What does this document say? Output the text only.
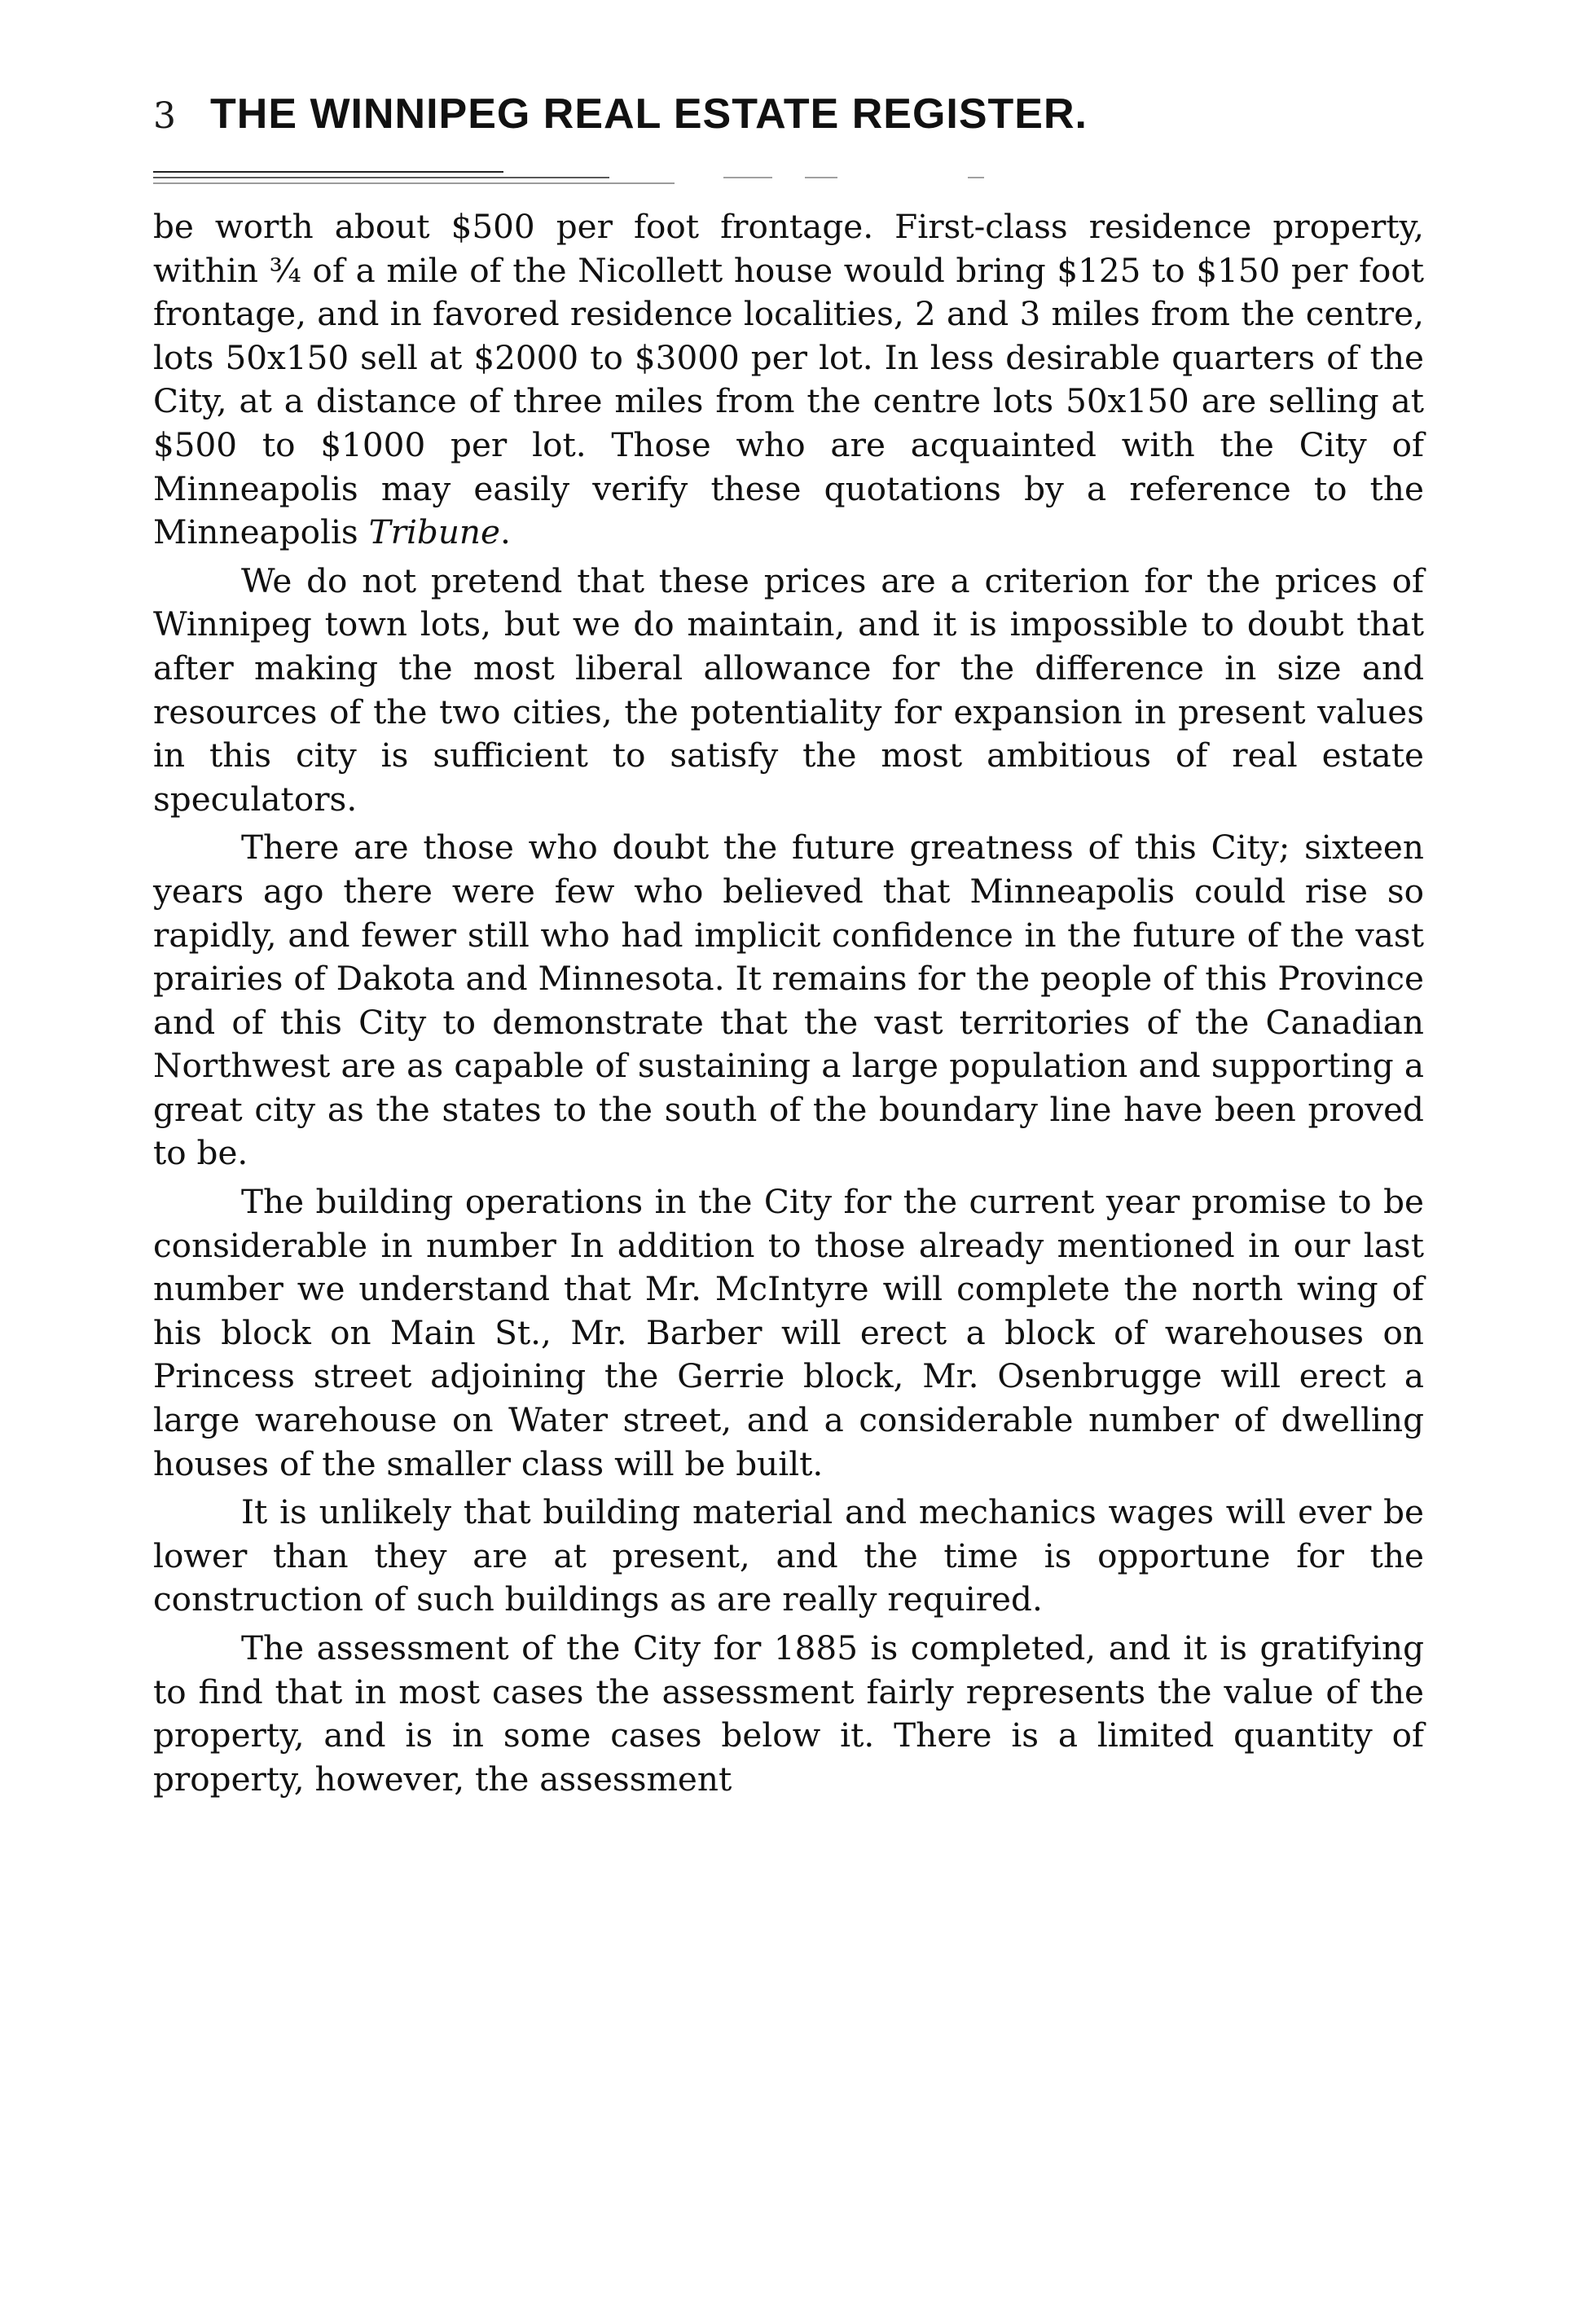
3 THE WINNIPEG REAL ESTATE REGISTER.

be worth about $500 per foot frontage. First-class residence property, within ¾ of a mile of the Nicollett house would bring $125 to $150 per foot frontage, and in favored residence localities, 2 and 3 miles from the centre, lots 50x150 sell at $2000 to $3000 per lot. In less desirable quarters of the City, at a distance of three miles from the centre lots 50x150 are selling at $500 to $1000 per lot. Those who are acquainted with the City of Minneapolis may easily verify these quotations by a reference to the Minneapolis Tribune.

We do not pretend that these prices are a criterion for the prices of Winnipeg town lots, but we do maintain, and it is impossible to doubt that after making the most liberal allowance for the difference in size and resources of the two cities, the potentiality for expansion in present values in this city is sufficient to satisfy the most ambitious of real estate speculators.

There are those who doubt the future greatness of this City; sixteen years ago there were few who believed that Minneapolis could rise so rapidly, and fewer still who had implicit confidence in the future of the vast prairies of Dakota and Minnesota. It remains for the people of this Province and of this City to demonstrate that the vast territories of the Canadian Northwest are as capable of sustaining a large population and supporting a great city as the states to the south of the boundary line have been proved to be.

The building operations in the City for the current year promise to be considerable in number In addition to those already mentioned in our last number we understand that Mr. McIntyre will complete the north wing of his block on Main St., Mr. Barber will erect a block of warehouses on Princess street adjoining the Gerrie block, Mr. Osenbrugge will erect a large warehouse on Water street, and a considerable number of dwelling houses of the smaller class will be built.

It is unlikely that building material and mechanics wages will ever be lower than they are at present, and the time is opportune for the construction of such buildings as are really required.

The assessment of the City for 1885 is completed, and it is gratifying to find that in most cases the assessment fairly represents the value of the property, and is in some cases below it. There is a limited quantity of property, however, the assessment
